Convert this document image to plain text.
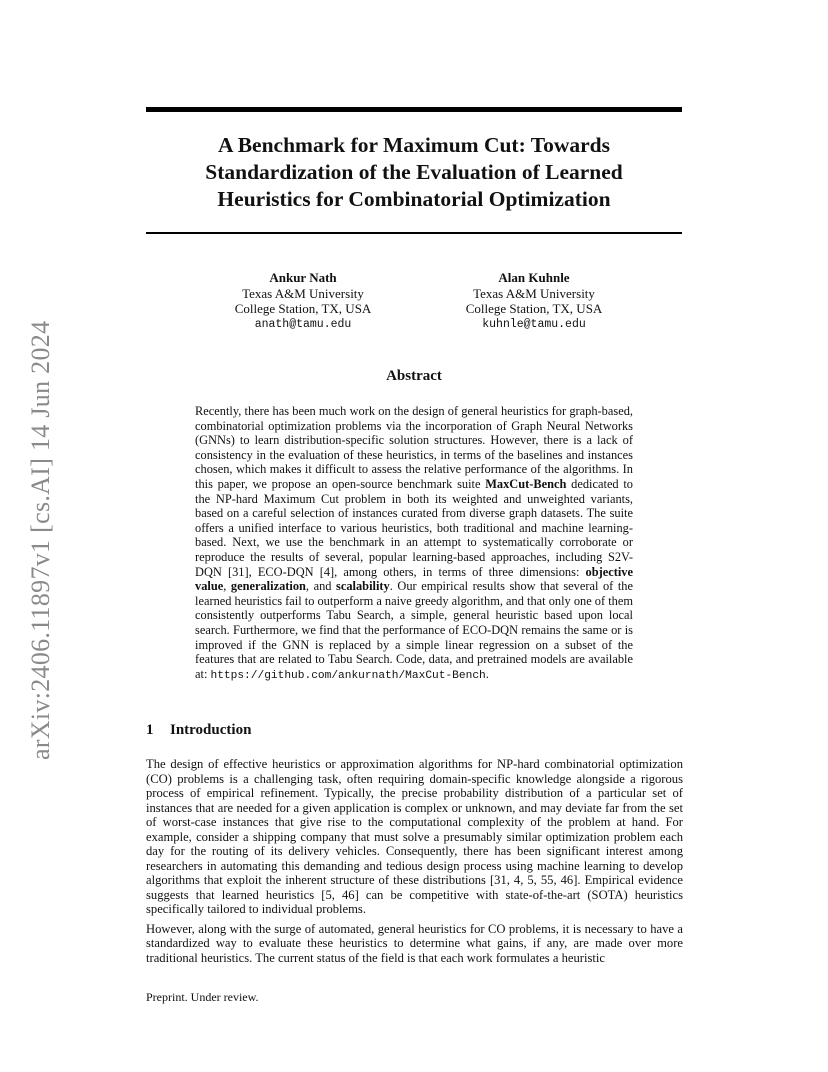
arXiv:2406.11897v1 [cs.AI] 14 Jun 2024
A Benchmark for Maximum Cut: Towards
Standardization of the Evaluation of Learned
Heuristics for Combinatorial Optimization
Ankur Nath
Texas A&M University
College Station, TX, USA
anath@tamu.edu
Alan Kuhnle
Texas A&M University
College Station, TX, USA
kuhnle@tamu.edu
Abstract
Recently, there has been much work on the design of general heuristics for graph-based, combinatorial optimization problems via the incorporation of Graph Neural Networks (GNNs) to learn distribution-specific solution structures. However, there is a lack of consistency in the evaluation of these heuristics, in terms of the baselines and instances chosen, which makes it difficult to assess the relative performance of the algorithms. In this paper, we propose an open-source benchmark suite MaxCut-Bench dedicated to the NP-hard Maximum Cut problem in both its weighted and unweighted variants, based on a careful selection of instances curated from diverse graph datasets. The suite offers a unified interface to various heuristics, both traditional and machine learning-based. Next, we use the benchmark in an attempt to systematically corroborate or reproduce the results of several, popular learning-based approaches, including S2V-DQN [31], ECO-DQN [4], among others, in terms of three dimensions: objective value, generalization, and scalability. Our empirical results show that several of the learned heuristics fail to outperform a naive greedy algorithm, and that only one of them consistently outperforms Tabu Search, a simple, general heuristic based upon local search. Furthermore, we find that the performance of ECO-DQN remains the same or is improved if the GNN is replaced by a simple linear regression on a subset of the features that are related to Tabu Search. Code, data, and pretrained models are available at: https://github.com/ankurnath/MaxCut-Bench.
1 Introduction

The design of effective heuristics or approximation algorithms for NP-hard combinatorial optimization (CO) problems is a challenging task, often requiring domain-specific knowledge alongside a rigorous process of empirical refinement. Typically, the precise probability distribution of a particular set of instances that are needed for a given application is complex or unknown, and may deviate far from the set of worst-case instances that give rise to the computational complexity of the problem at hand. For example, consider a shipping company that must solve a presumably similar optimization problem each day for the routing of its delivery vehicles. Consequently, there has been significant interest among researchers in automating this demanding and tedious design process using machine learning to develop algorithms that exploit the inherent structure of these distributions [31, 4, 5, 55, 46]. Empirical evidence suggests that learned heuristics [5, 46] can be competitive with state-of-the-art (SOTA) heuristics specifically tailored to individual problems.

However, along with the surge of automated, general heuristics for CO problems, it is necessary to have a standardized way to evaluate these heuristics to determine what gains, if any, are made over more traditional heuristics. The current status of the field is that each work formulates a heuristic

Preprint. Under review.
